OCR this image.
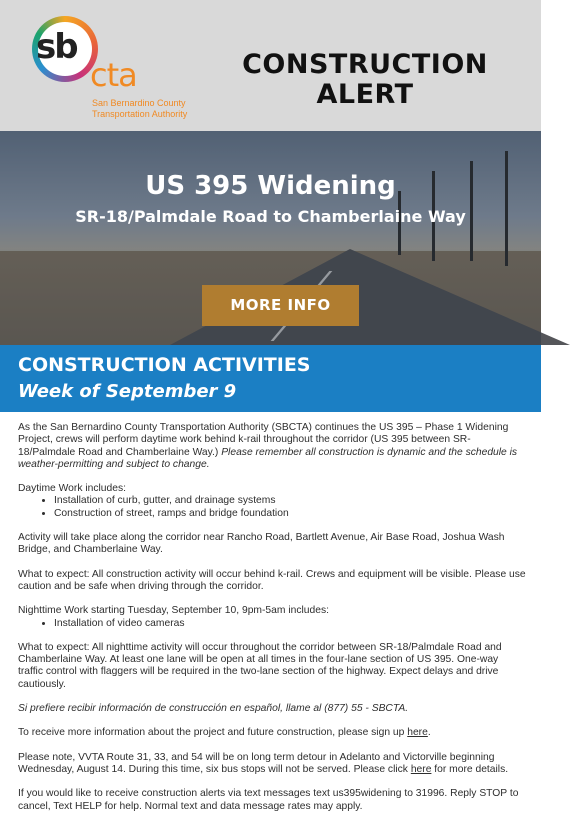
sb
cta
San Bernardino County
Transportation Authority
CONSTRUCTION
ALERT
US 395 Widening
SR-18/Palmdale Road to Chamberlaine Way
MORE INFO
CONSTRUCTION ACTIVITIES
Week of September 9

As the San Bernardino County Transportation Authority (SBCTA) continues the US 395 – Phase 1 Widening Project, crews will perform daytime work behind k-rail throughout the corridor (US 395 between SR-18/Palmdale Road and Chamberlaine Way.) Please remember all construction is dynamic and the schedule is weather-permitting and subject to change.

Daytime Work includes:
• Installation of curb, gutter, and drainage systems
• Construction of street, ramps and bridge foundation

Activity will take place along the corridor near Rancho Road, Bartlett Avenue, Air Base Road, Joshua Wash Bridge, and Chamberlaine Way.

What to expect: All construction activity will occur behind k-rail. Crews and equipment will be visible. Please use caution and be safe when driving through the corridor.

Nighttime Work starting Tuesday, September 10, 9pm-5am includes:
• Installation of video cameras

What to expect: All nighttime activity will occur throughout the corridor between SR-18/Palmdale Road and Chamberlaine Way. At least one lane will be open at all times in the four-lane section of US 395. One-way traffic control with flaggers will be required in the two-lane section of the highway. Expect delays and drive cautiously.

Si prefiere recibir información de construcción en español, llame al (877) 55 - SBCTA.

To receive more information about the project and future construction, please sign up here.

Please note, VVTA Route 31, 33, and 54 will be on long term detour in Adelanto and Victorville beginning Wednesday, August 14. During this time, six bus stops will not be served. Please click here for more details.

If you would like to receive construction alerts via text messages text us395widening to 31996. Reply STOP to cancel, Text HELP for help. Normal text and data message rates may apply.
